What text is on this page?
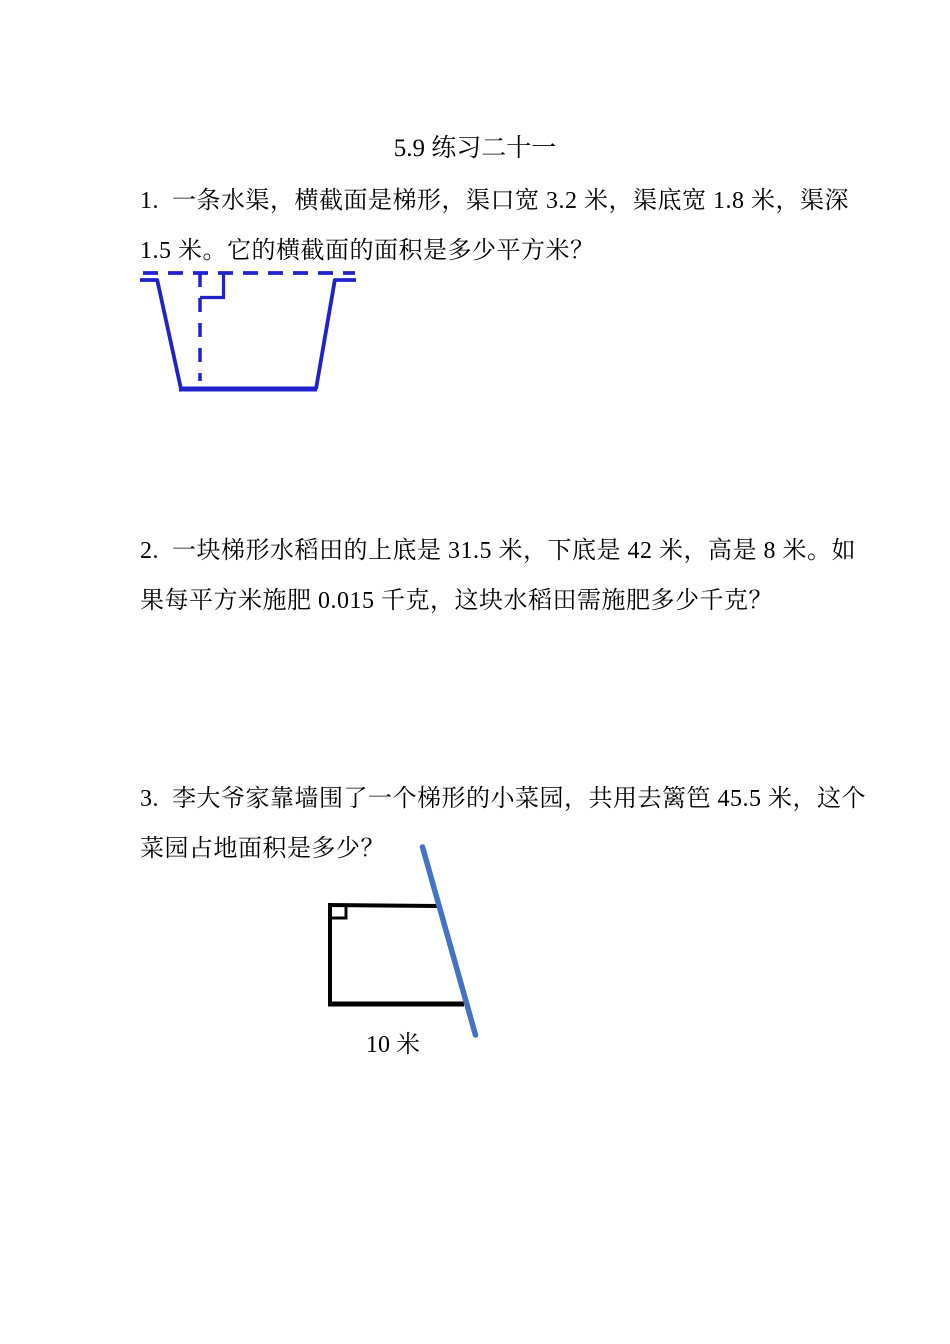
5.9 练习二十一
1.  一条水渠，横截面是梯形，渠口宽 3.2 米，渠底宽 1.8 米，渠深
1.5 米。它的横截面的面积是多少平方米？
2.  一块梯形水稻田的上底是 31.5 米，下底是 42 米，高是 8 米。如
果每平方米施肥 0.015 千克，这块水稻田需施肥多少千克？
3.  李大爷家靠墙围了一个梯形的小菜园，共用去篱笆 45.5 米，这个
菜园占地面积是多少？
10 米
